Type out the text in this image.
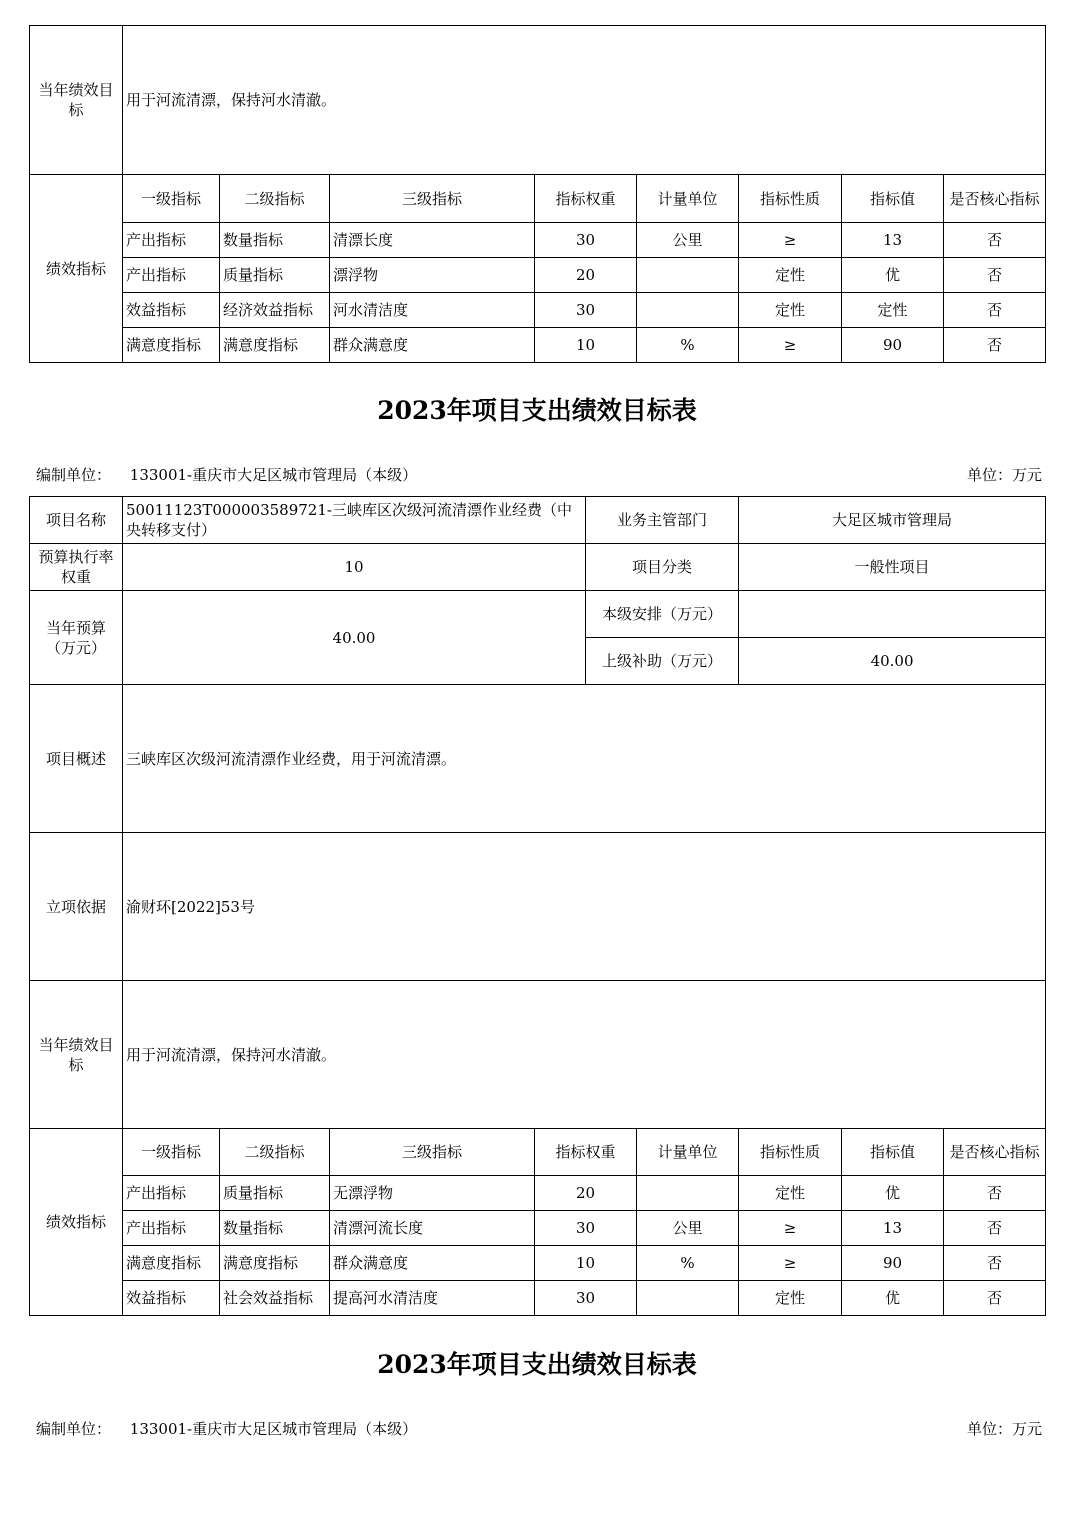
当年绩效目标	用于河流清漂，保持河水清澈。							
绩效指标	一级指标	二级指标	三级指标	指标权重	计量单位	指标性质	指标值	是否核心指标
	产出指标	数量指标	清漂长度	30	公里	≥	13	否
	产出指标	质量指标	漂浮物	20		定性	优	否
	效益指标	经济效益指标	河水清洁度	30		定性	定性	否
	满意度指标	满意度指标	群众满意度	10	%	≥	90	否
2023年项目支出绩效目标表
编制单位： 133001-重庆市大足区城市管理局（本级）	单位：万元
项目名称	50011123T000003589721-三峡库区次级河流清漂作业经费（中央转移支付）				业务主管部门		大足区城市管理局		
预算执行率权重	10				项目分类		一般性项目		
当年预算（万元）	40.00				本级安排（万元）				
					上级补助（万元）		40.00		
项目概述	三峡库区次级河流清漂作业经费，用于河流清漂。								
立项依据	渝财环[2022]53号								
当年绩效目标	用于河流清漂，保持河水清澈。								
绩效指标	一级指标	二级指标	三级指标	指标权重		计量单位	指标性质	指标值	是否核心指标
	产出指标	质量指标	无漂浮物	20			定性	优	否
	产出指标	数量指标	清漂河流长度	30		公里	≥	13	否
	满意度指标	满意度指标	群众满意度	10		%	≥	90	否
	效益指标	社会效益指标	提高河水清洁度	30			定性	优	否
2023年项目支出绩效目标表
编制单位： 133001-重庆市大足区城市管理局（本级）	单位：万元
